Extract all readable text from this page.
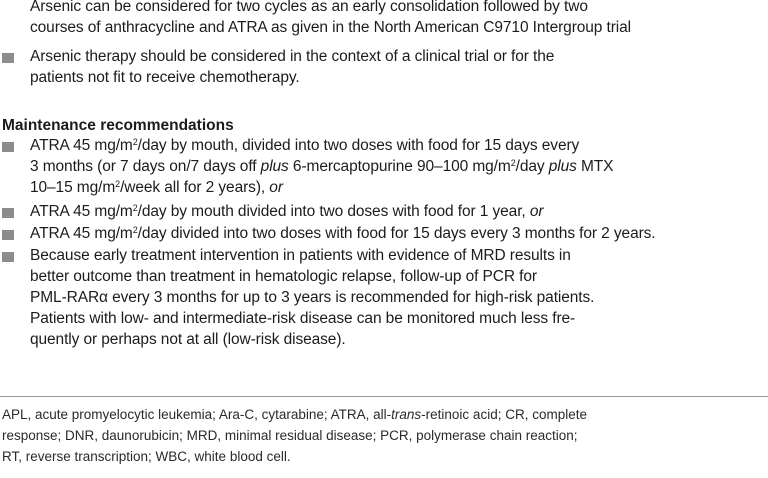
Arsenic can be considered for two cycles as an early consolidation followed by two
courses of anthracycline and ATRA as given in the North American C9710 Intergroup trial
Arsenic therapy should be considered in the context of a clinical trial or for the
patients not fit to receive chemotherapy.
Maintenance recommendations
ATRA 45 $mg/m^2$/day by mouth, divided into two doses with food for 15 days every
3 months (or 7 days on/7 days off plus 6-mercaptopurine 90–100 $mg/m^2$/day plus MTX
10–15 $mg/m^2$/week all for 2 years), or
ATRA 45 $mg/m^2$/day by mouth divided into two doses with food for 1 year, or
ATRA 45 $mg/m^2$/day divided into two doses with food for 15 days every 3 months for 2 years.
Because early treatment intervention in patients with evidence of MRD results in
better outcome than treatment in hematologic relapse, follow-up of PCR for
PML-RARα every 3 months for up to 3 years is recommended for high-risk patients.
Patients with low- and intermediate-risk disease can be monitored much less fre-
quently or perhaps not at all (low-risk disease).
APL, acute promyelocytic leukemia; Ara-C, cytarabine; ATRA, all-trans-retinoic acid; CR, complete
response; DNR, daunorubicin; MRD, minimal residual disease; PCR, polymerase chain reaction;
RT, reverse transcription; WBC, white blood cell.
